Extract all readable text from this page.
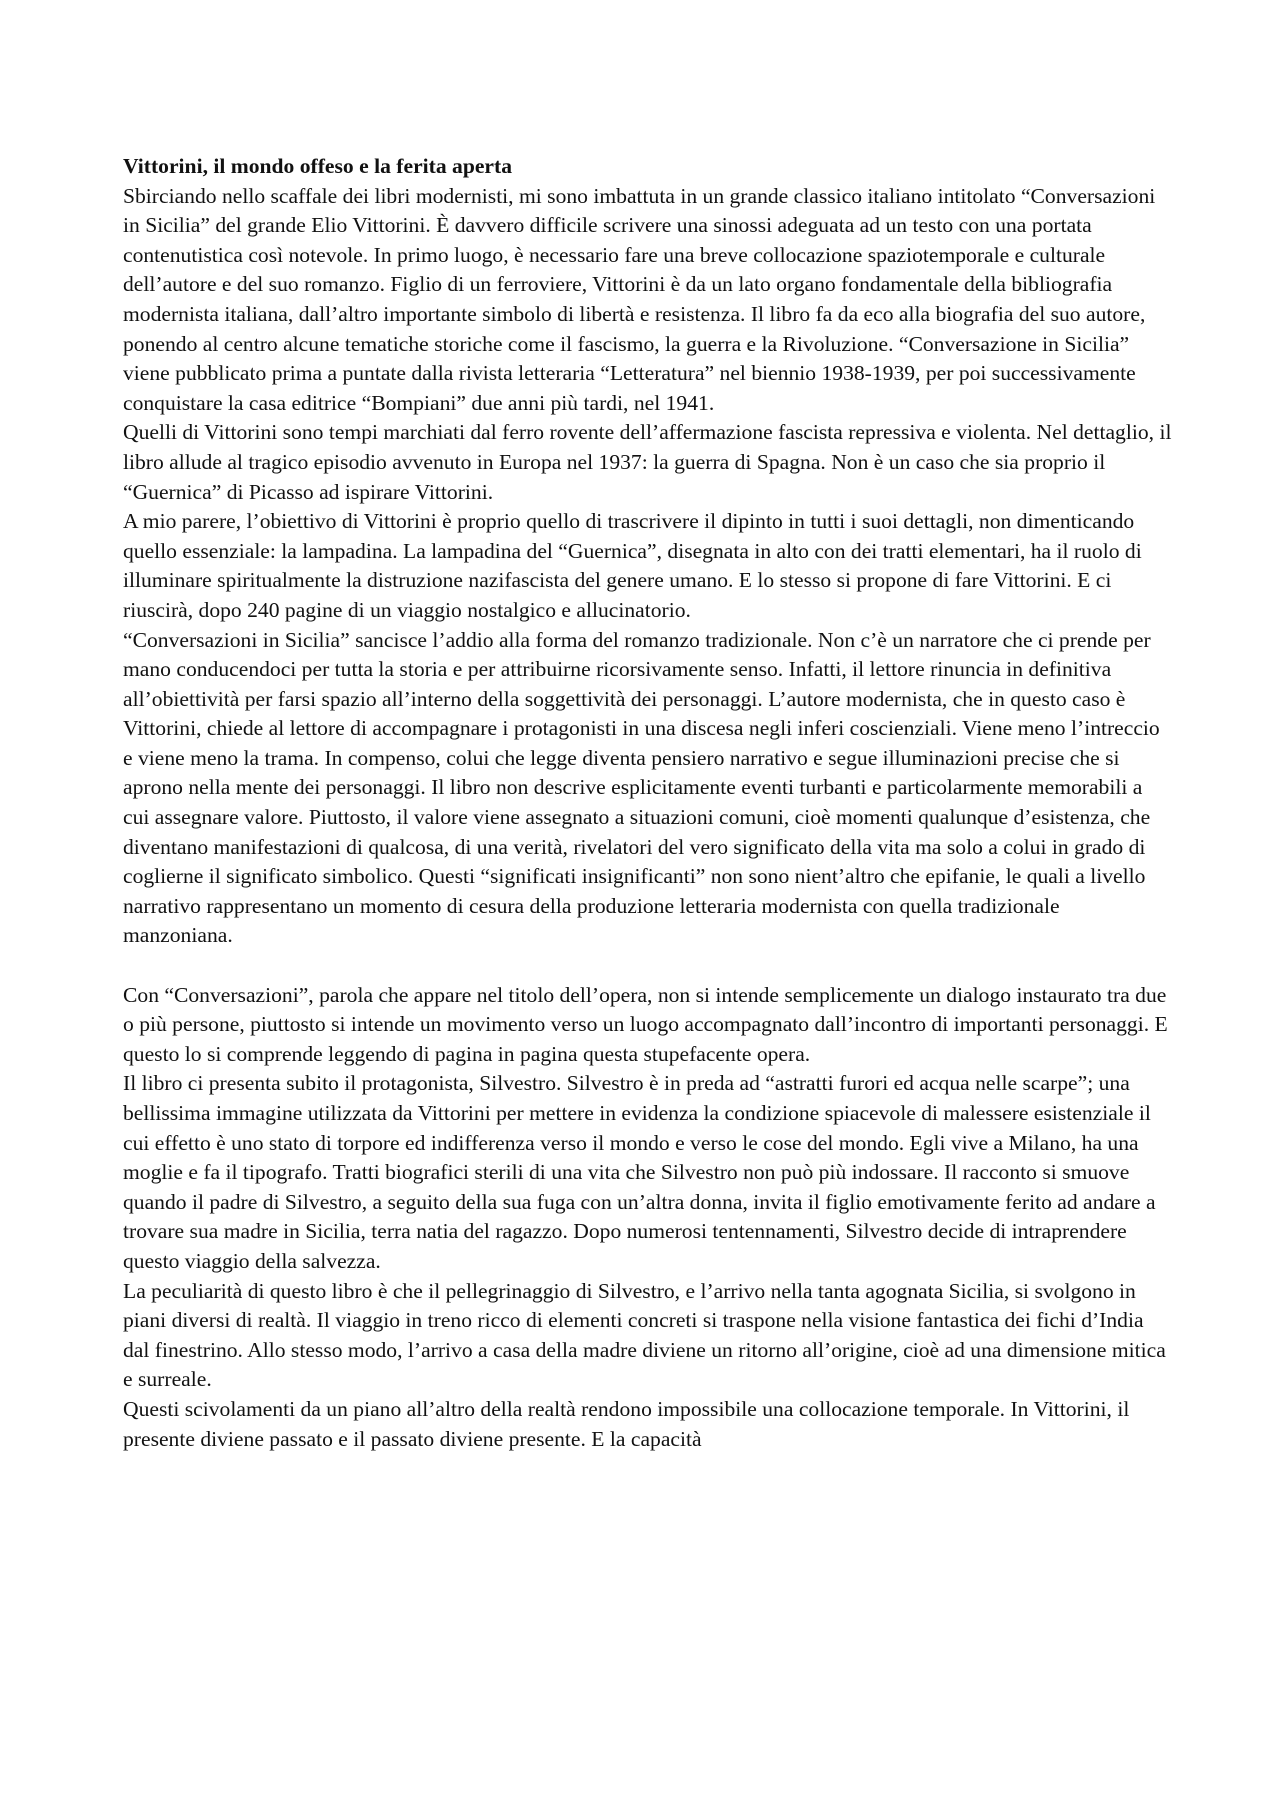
Vittorini, il mondo offeso e la ferita aperta

Sbirciando nello scaffale dei libri modernisti, mi sono imbattuta in un grande classico italiano intitolato “Conversazioni in Sicilia” del grande Elio Vittorini. È davvero difficile scrivere una sinossi adeguata ad un testo con una portata contenutistica così notevole. In primo luogo, è necessario fare una breve collocazione spaziotemporale e culturale dell’autore e del suo romanzo. Figlio di un ferroviere, Vittorini è da un lato organo fondamentale della bibliografia modernista italiana, dall’altro importante simbolo di libertà e resistenza. Il libro fa da eco alla biografia del suo autore, ponendo al centro alcune tematiche storiche come il fascismo, la guerra e la Rivoluzione. “Conversazione in Sicilia” viene pubblicato prima a puntate dalla rivista letteraria “Letteratura” nel biennio 1938-1939, per poi successivamente conquistare la casa editrice “Bompiani” due anni più tardi, nel 1941.

Quelli di Vittorini sono tempi marchiati dal ferro rovente dell’affermazione fascista repressiva e violenta. Nel dettaglio, il libro allude al tragico episodio avvenuto in Europa nel 1937: la guerra di Spagna. Non è un caso che sia proprio il “Guernica” di Picasso ad ispirare Vittorini.

A mio parere, l’obiettivo di Vittorini è proprio quello di trascrivere il dipinto in tutti i suoi dettagli, non dimenticando quello essenziale: la lampadina. La lampadina del “Guernica”, disegnata in alto con dei tratti elementari, ha il ruolo di illuminare spiritualmente la distruzione nazifascista del genere umano. E lo stesso si propone di fare Vittorini. E ci riuscirà, dopo 240 pagine di un viaggio nostalgico e allucinatorio.

“Conversazioni in Sicilia” sancisce l’addio alla forma del romanzo tradizionale. Non c’è un narratore che ci prende per mano conducendoci per tutta la storia e per attribuirne ricorsivamente senso. Infatti, il lettore rinuncia in definitiva all’obiettività per farsi spazio all’interno della soggettività dei personaggi. L’autore modernista, che in questo caso è Vittorini, chiede al lettore di accompagnare i protagonisti in una discesa negli inferi coscienziali. Viene meno l’intreccio e viene meno la trama. In compenso, colui che legge diventa pensiero narrativo e segue illuminazioni precise che si aprono nella mente dei personaggi. Il libro non descrive esplicitamente eventi turbanti e particolarmente memorabili a cui assegnare valore. Piuttosto, il valore viene assegnato a situazioni comuni, cioè momenti qualunque d’esistenza, che diventano manifestazioni di qualcosa, di una verità, rivelatori del vero significato della vita ma solo a colui in grado di coglierne il significato simbolico. Questi “significati insignificanti” non sono nient’altro che epifanie, le quali a livello narrativo rappresentano un momento di cesura della produzione letteraria modernista con quella tradizionale manzoniana.

Con “Conversazioni”, parola che appare nel titolo dell’opera, non si intende semplicemente un dialogo instaurato tra due o più persone, piuttosto si intende un movimento verso un luogo accompagnato dall’incontro di importanti personaggi. E questo lo si comprende leggendo di pagina in pagina questa stupefacente opera.

Il libro ci presenta subito il protagonista, Silvestro. Silvestro è in preda ad “astratti furori ed acqua nelle scarpe”; una bellissima immagine utilizzata da Vittorini per mettere in evidenza la condizione spiacevole di malessere esistenziale il cui effetto è uno stato di torpore ed indifferenza verso il mondo e verso le cose del mondo. Egli vive a Milano, ha una moglie e fa il tipografo. Tratti biografici sterili di una vita che Silvestro non può più indossare. Il racconto si smuove quando il padre di Silvestro, a seguito della sua fuga con un’altra donna, invita il figlio emotivamente ferito ad andare a trovare sua madre in Sicilia, terra natia del ragazzo. Dopo numerosi tentennamenti, Silvestro decide di intraprendere questo viaggio della salvezza.

La peculiarità di questo libro è che il pellegrinaggio di Silvestro, e l’arrivo nella tanta agognata Sicilia, si svolgono in piani diversi di realtà. Il viaggio in treno ricco di elementi concreti si traspone nella visione fantastica dei fichi d’India dal finestrino. Allo stesso modo, l’arrivo a casa della madre diviene un ritorno all’origine, cioè ad una dimensione mitica e surreale.

Questi scivolamenti da un piano all’altro della realtà rendono impossibile una collocazione temporale. In Vittorini, il presente diviene passato e il passato diviene presente. E la capacità
